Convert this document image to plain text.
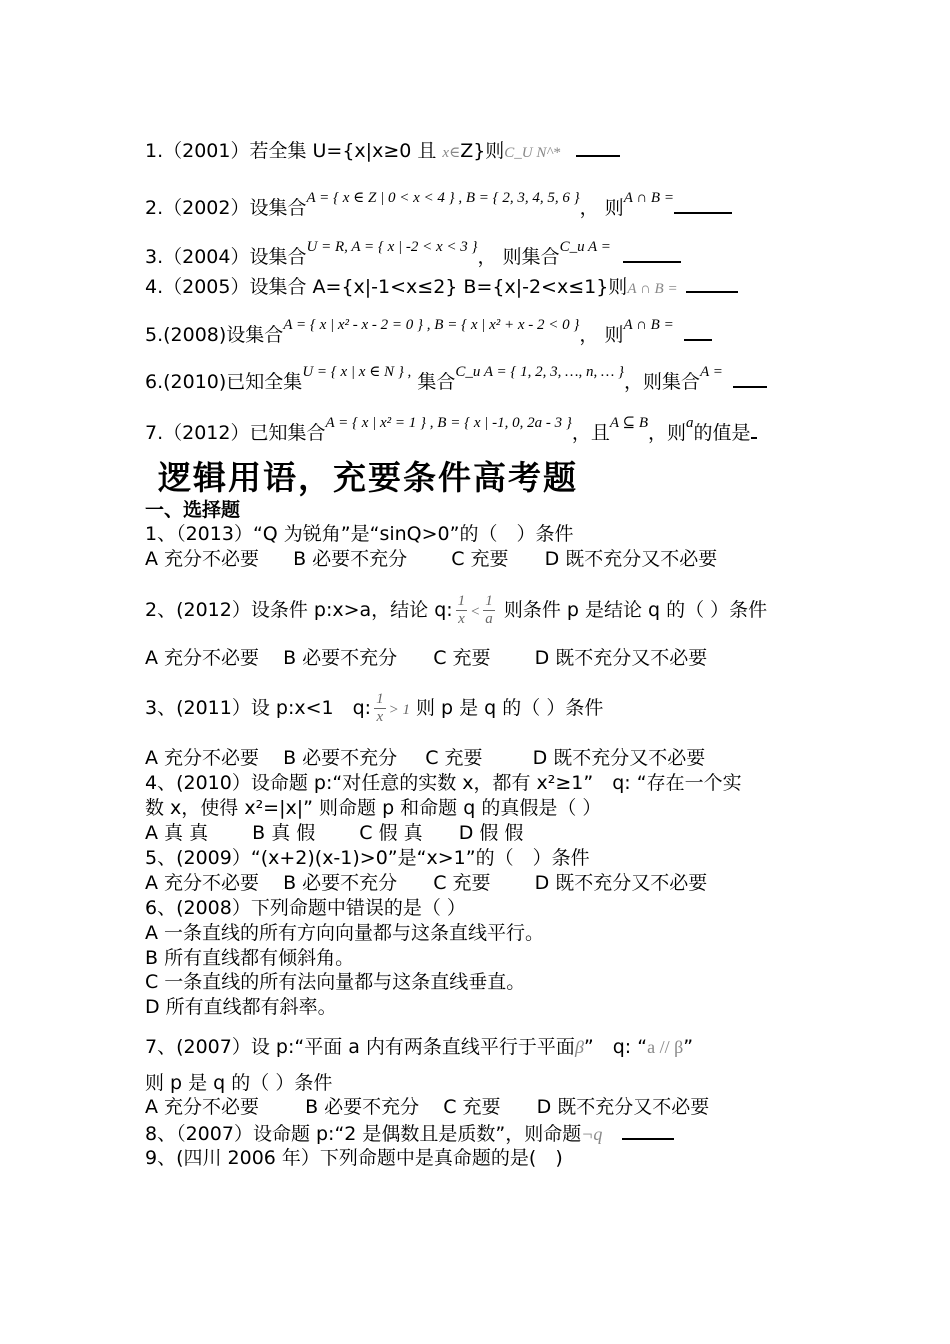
1.（2001）若全集 U={x|x≥0 且 x∈Z}则C_U N^*
2.（2002）设集合$^{A = \{ x \in Z | 0 < x < 4 \} , B = \{ 2, 3, 4, 5, 6 \}}$， 则$^{A \cap B =}$
3.（2004）设集合$^{U = R, A = \{ x | -2 < x < 3 \}}$， 则集合$^{C\_u A =}$
4.（2005）设集合 A={x|-1<x≤2} B={x|-2<x≤1}则A ∩ B =
5.(2008)设集合$^{A = \{ x | x^2 - x - 2 = 0 \} , B = \{ x | x^2 + x - 2 < 0 \}}$， 则$^{A \cap B =}$
6.(2010)已知全集$^{U = \{ x | x \in N \} ,}$ 集合$^{C\_u A = \{ 1, 2, 3, \dots, n, \dots \}}$，则集合$^{A =}$
7.（2012）已知集合$^{A = \{ x | x^2 = 1 \} , B = \{ x | -1, 0, 2a - 3 \}}$，且$^{A ⊆ B}$，则$^a$的值是
逻辑用语，充要条件高考题
一、选择题
1、（2013）“Q 为锐角”是“sinQ>0”的（　）条件
A 充分不必要 B 必要不充分 C 充要 D 既不充分又不必要
2、(2012）设条件 p:x>a，结论 q: $\frac{1}{x} < \frac{1}{a}$ 则条件 p 是结论 q 的（ ）条件
A 充分不必要 B 必要不充分 C 充要 D 既不充分又不必要
3、(2011）设 p:x<1　q: $\frac{1}{x} > 1$ 则 p 是 q 的（ ）条件
A 充分不必要 B 必要不充分 C 充要	D 既不充分又不必要
4、(2010）设命题 p:“对任意的实数 x，都有 x²≥1”　q: “存在一个实
数 x，使得 x²=|x|” 则命题 p 和命题 q 的真假是（ ）
A 真 真 B 真 假 C 假 真 D 假 假
5、(2009）“(x+2)(x-1)>0”是“x>1”的（　）条件
A 充分不必要 B 必要不充分 C 充要 D 既不充分又不必要
6、(2008）下列命题中错误的是（ ）
A 一条直线的所有方向向量都与这条直线平行。
B 所有直线都有倾斜角。
C 一条直线的所有法向量都与这条直线垂直。
D 所有直线都有斜率。
7、(2007）设 p:“平面 a 内有两条直线平行于平面β”　q: “a // β”
则 p 是 q 的（ ）条件
A 充分不必要 B 必要不充分 C 充要 D 既不充分又不必要
8、（2007）设命题 p:“2 是偶数且是质数”，则命题¬q
9、(四川 2006 年）下列命题中是真命题的是(　)
